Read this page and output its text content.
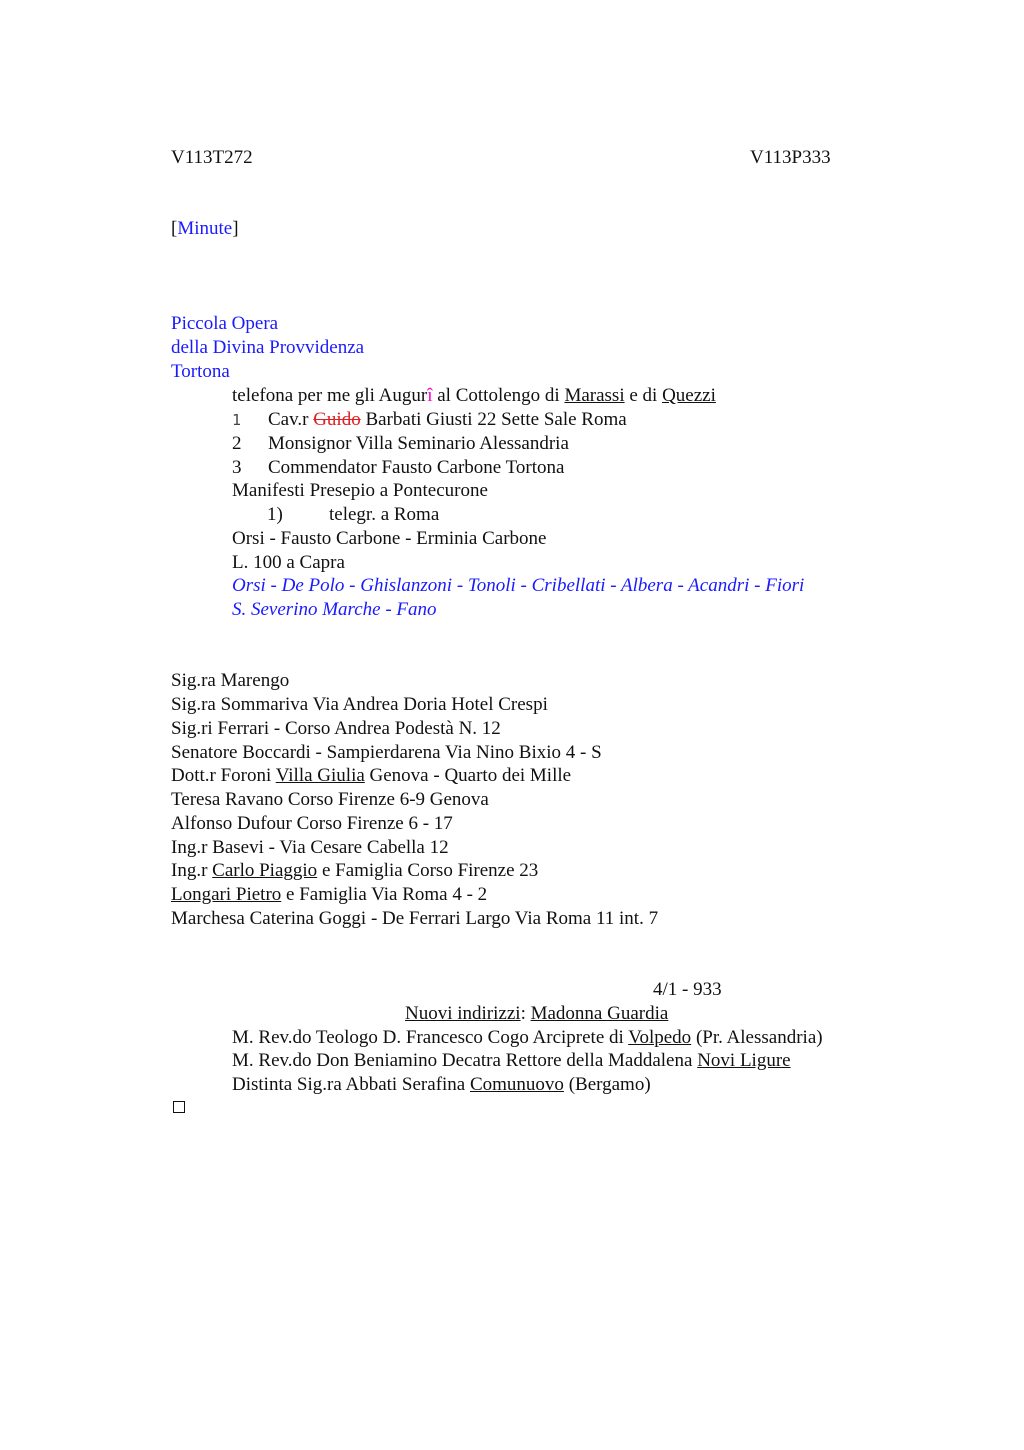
V113T272	V113P333
[Minute]
Piccola Opera
della Divina Provvidenza
Tortona
telefona per me gli Augurî al Cottolengo di Marassi e di Quezzi
1 Cav.r Guido Barbati Giusti 22 Sette Sale Roma
2 Monsignor Villa Seminario Alessandria
3 Commendator Fausto Carbone Tortona
Manifesti Presepio a Pontecurone
1) telegr. a Roma
Orsi - Fausto Carbone - Erminia Carbone
L. 100 a Capra
Orsi - De Polo - Ghislanzoni - Tonoli - Cribellati - Albera - Acandri - Fiori
S. Severino Marche - Fano
Sig.ra Marengo
Sig.ra Sommariva Via Andrea Doria Hotel Crespi
Sig.ri Ferrari - Corso Andrea Podestà N. 12
Senatore Boccardi - Sampierdarena Via Nino Bixio 4 - S
Dott.r Foroni Villa Giulia Genova - Quarto dei Mille
Teresa Ravano Corso Firenze 6-9 Genova
Alfonso Dufour Corso Firenze 6 - 17
Ing.r Basevi - Via Cesare Cabella 12
Ing.r Carlo Piaggio e Famiglia Corso Firenze 23
Longari Pietro e Famiglia Via Roma 4 - 2
Marchesa Caterina Goggi - De Ferrari Largo Via Roma 11 int. 7
4/1 - 933
Nuovi indirizzi: Madonna Guardia
M. Rev.do Teologo D. Francesco Cogo Arciprete di Volpedo (Pr. Alessandria)
M. Rev.do Don Beniamino Decatra Rettore della Maddalena Novi Ligure
Distinta Sig.ra Abbati Serafina Comunuovo (Bergamo)
